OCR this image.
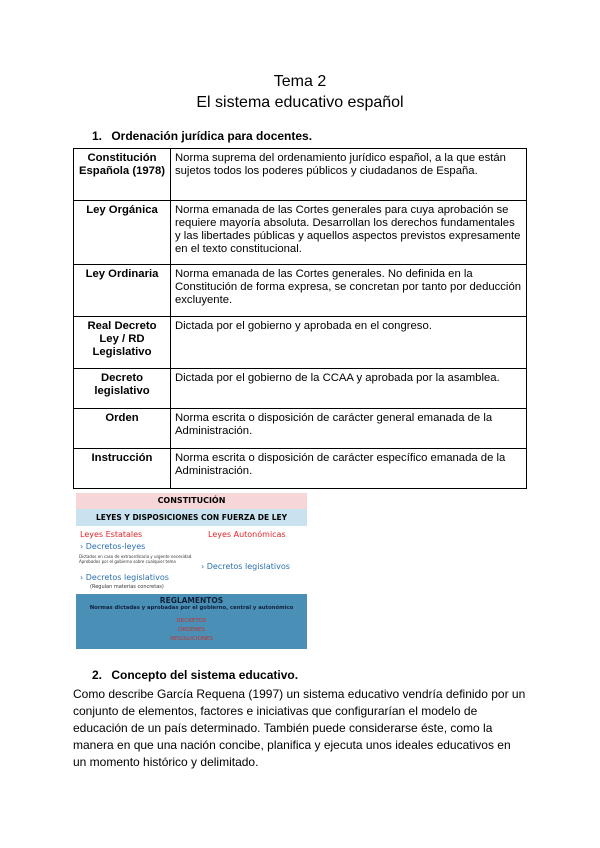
Tema 2
El sistema educativo español
1. Ordenación jurídica para docentes.
Constitución Española (1978)	Norma suprema del ordenamiento jurídico español, a la que están sujetos todos los poderes públicos y ciudadanos de España.
Ley Orgánica	Norma emanada de las Cortes generales para cuya aprobación se requiere mayoría absoluta. Desarrollan los derechos fundamentales y las libertades públicas y aquellos aspectos previstos expresamente en el texto constitucional.
Ley Ordinaria	Norma emanada de las Cortes generales. No definida en la Constitución de forma expresa, se concretan por tanto por deducción excluyente.
Real Decreto Ley / RD Legislativo	Dictada por el gobierno y aprobada en el congreso.
Decreto legislativo	Dictada por el gobierno de la CCAA y aprobada por la asamblea.
Orden	Norma escrita o disposición de carácter general emanada de la Administración.
Instrucción	Norma escrita o disposición de carácter específico emanada de la Administración.
CONSTITUCIÓN
LEYES Y DISPOSICIONES CON FUERZA DE LEY
Leyes Estatales	Leyes Autonómicas
› Decretos-leyes
Dictados en caso de extraordinaria y urgente necesidad. Aprobados por el gobierno sobre cualquier tema
› Decretos legislativos
(Regulan materias concretas)
› Decretos legislativos
REGLAMENTOS
Normas dictadas y aprobadas por el gobierno, central y autonómico
DECRETOS
ÓRDENES
RESOLUCIONES
2. Concepto del sistema educativo.
Como describe García Requena (1997) un sistema educativo vendría definido por un conjunto de elementos, factores e iniciativas que configurarían el modelo de educación de un país determinado. También puede considerarse éste, como la manera en que una nación concibe, planifica y ejecuta unos ideales educativos en un momento histórico y delimitado.
